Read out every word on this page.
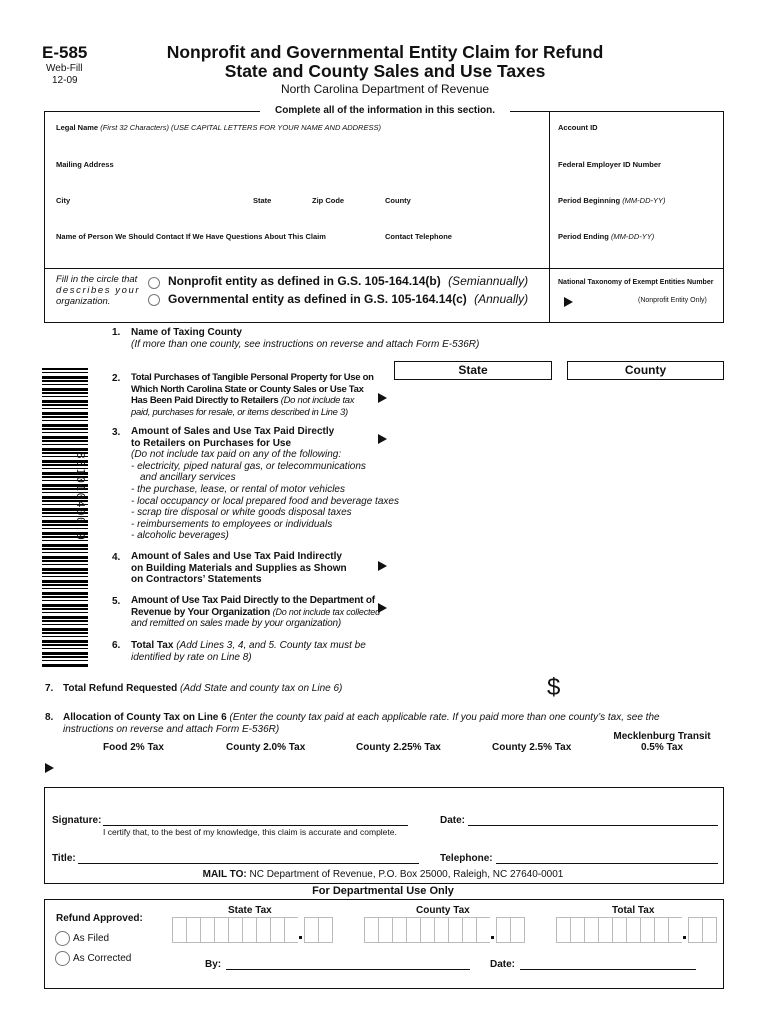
E-585
Web-Fill
12-09
Nonprofit and Governmental Entity Claim for Refund
State and County Sales and Use Taxes
North Carolina Department of Revenue
Complete all of the information in this section.
Legal Name (First 32 Characters) (USE CAPITAL LETTERS FOR YOUR NAME AND ADDRESS)	Account ID
Mailing Address	Federal Employer ID Number
City	State	Zip Code	County	Period Beginning (MM-DD-YY)
Name of Person We Should Contact If We Have Questions About This Claim	Contact Telephone	Period Ending (MM-DD-YY)
Fill in the circle that
describes your
organization.
Nonprofit entity as defined in G.S. 105-164.14(b) (Semiannually)
Governmental entity as defined in G.S. 105-164.14(c) (Annually)
National Taxonomy of Exempt Entities Number
(Nonprofit Entity Only)
831010400 9
1. Name of Taxing County
(If more than one county, see instructions on reverse and attach Form E-536R)
State	County
2. Total Purchases of Tangible Personal Property for Use on
Which North Carolina State or County Sales or Use Tax
Has Been Paid Directly to Retailers (Do not include tax
paid, purchases for resale, or items described in Line 3)
3. Amount of Sales and Use Tax Paid Directly
to Retailers on Purchases for Use
(Do not include tax paid on any of the following:
- electricity, piped natural gas, or telecommunications
and ancillary services
- the purchase, lease, or rental of motor vehicles
- local occupancy or local prepared food and beverage taxes
- scrap tire disposal or white goods disposal taxes
- reimbursements to employees or individuals
- alcoholic beverages)
4. Amount of Sales and Use Tax Paid Indirectly
on Building Materials and Supplies as Shown
on Contractors’ Statements
5. Amount of Use Tax Paid Directly to the Department of
Revenue by Your Organization (Do not include tax collected
and remitted on sales made by your organization)
6. Total Tax (Add Lines 3, 4, and 5. County tax must be
identified by rate on Line 8)
7. Total Refund Requested (Add State and county tax on Line 6)	$
8. Allocation of County Tax on Line 6 (Enter the county tax paid at each applicable rate. If you paid more than one county’s tax, see the
instructions on reverse and attach Form E-536R)
Food 2% Tax	County 2.0% Tax	County 2.25% Tax	County 2.5% Tax
Mecklenburg Transit
0.5% Tax
Signature:	Date:
I certify that, to the best of my knowledge, this claim is accurate and complete.
Title:	Telephone:
MAIL TO: NC Department of Revenue, P.O. Box 25000, Raleigh, NC 27640-0001
For Departmental Use Only
Refund Approved:
As Filed
As Corrected
State Tax	County Tax	Total Tax
By:	Date:
